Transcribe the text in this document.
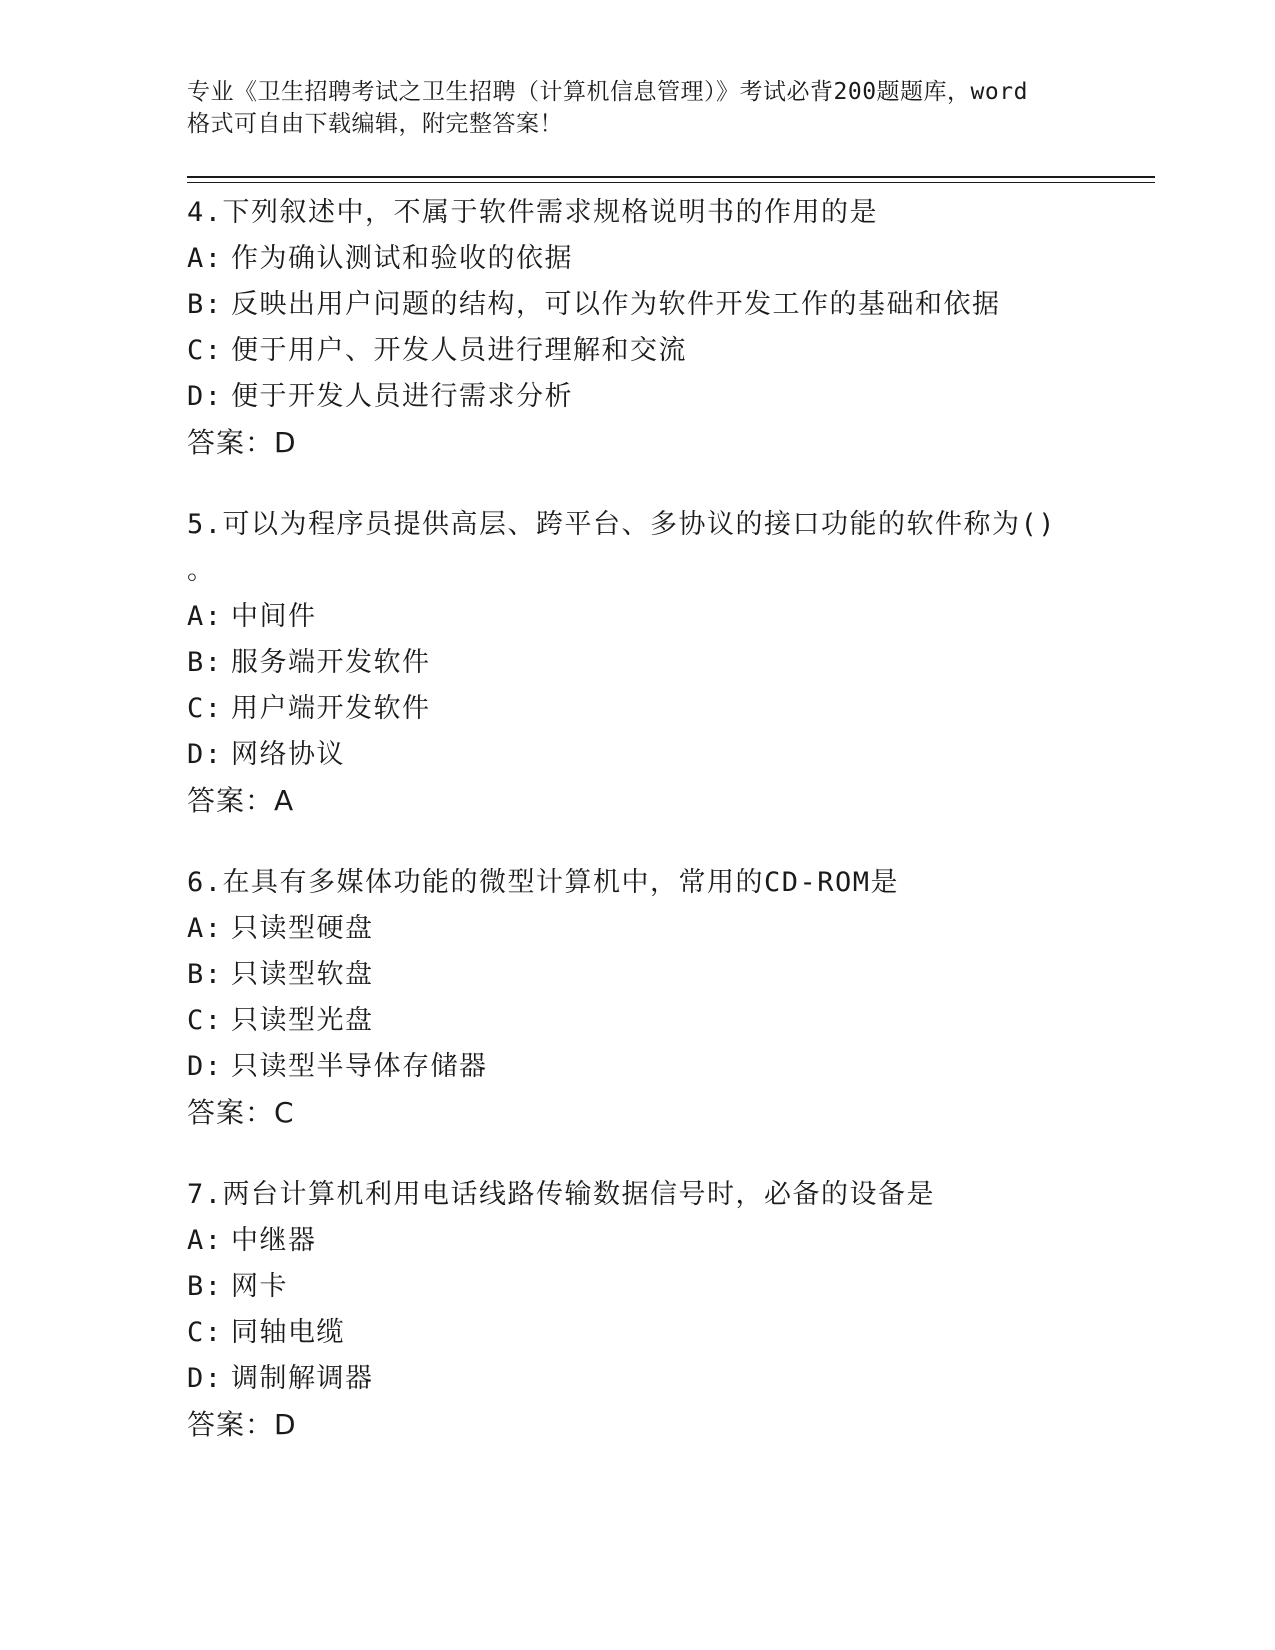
专业《卫生招聘考试之卫生招聘（计算机信息管理）》考试必背200题题库，word
格式可自由下载编辑，附完整答案！
4.下列叙述中，不属于软件需求规格说明书的作用的是
A: 作为确认测试和验收的依据
B: 反映出用户问题的结构，可以作为软件开发工作的基础和依据
C: 便于用户、开发人员进行理解和交流
D: 便于开发人员进行需求分析
答案：D
5.可以为程序员提供高层、跨平台、多协议的接口功能的软件称为()
。
A: 中间件
B: 服务端开发软件
C: 用户端开发软件
D: 网络协议
答案：A
6.在具有多媒体功能的微型计算机中，常用的CD-ROM是
A: 只读型硬盘
B: 只读型软盘
C: 只读型光盘
D: 只读型半导体存储器
答案：C
7.两台计算机利用电话线路传输数据信号时，必备的设备是
A: 中继器
B: 网卡
C: 同轴电缆
D: 调制解调器
答案：D
